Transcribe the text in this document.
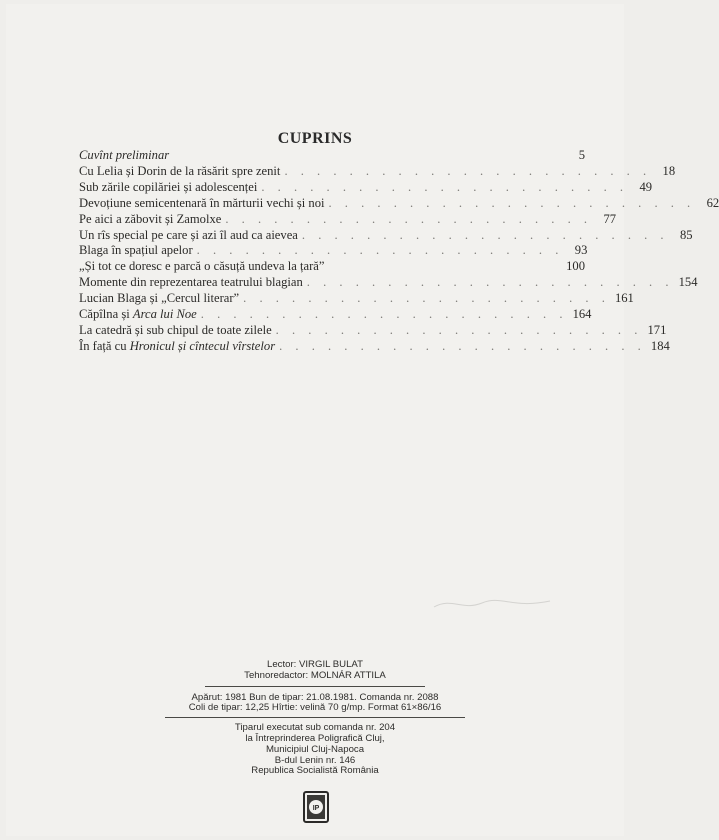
CUPRINS
Cuvînt preliminar	5
Cu Lelia și Dorin de la răsărit spre zenit . . . . . . . . . . . . . . . . . . . . . . . 18
Sub zările copilăriei și adolescenței . . . . . . . . . . . . . . . . . . . . . . . 49
Devoțiune semicentenară în mărturii vechi și noi . . . . . . . . . . . . . . . . . . . . . . . 62
Pe aici a zăbovit și Zamolxe . . . . . . . . . . . . . . . . . . . . . . . 77
Un rîs special pe care și azi îl aud ca aievea . . . . . . . . . . . . . . . . . . . . . . . 85
Blaga în spațiul apelor . . . . . . . . . . . . . . . . . . . . . . . 93
„Și tot ce doresc e parcă o căsuță undeva la țară”	100
Momente din reprezentarea teatrului blagian . . . . . . . . . . . . . . . . . . . . . . . 154
Lucian Blaga și „Cercul literar” . . . . . . . . . . . . . . . . . . . . . . . 161
Căpîlna și Arca lui Noe . . . . . . . . . . . . . . . . . . . . . . . 164
La catedră și sub chipul de toate zilele . . . . . . . . . . . . . . . . . . . . . . . 171
În față cu Hronicul și cîntecul vîrstelor . . . . . . . . . . . . . . . . . . . . . . . 184
Lector: VIRGIL BULAT
Tehnoredactor: MOLNÁR ATTILA
Apărut: 1981 Bun de tipar: 21.08.1981. Comanda nr. 2088
Coli de tipar: 12,25 Hîrtie: velină 70 g/mp. Format 61×86/16
Tiparul executat sub comanda nr. 204
la Întreprinderea Poligrafică Cluj,
Municipiul Cluj-Napoca
B-dul Lenin nr. 146
Republica Socialistă România
IP
